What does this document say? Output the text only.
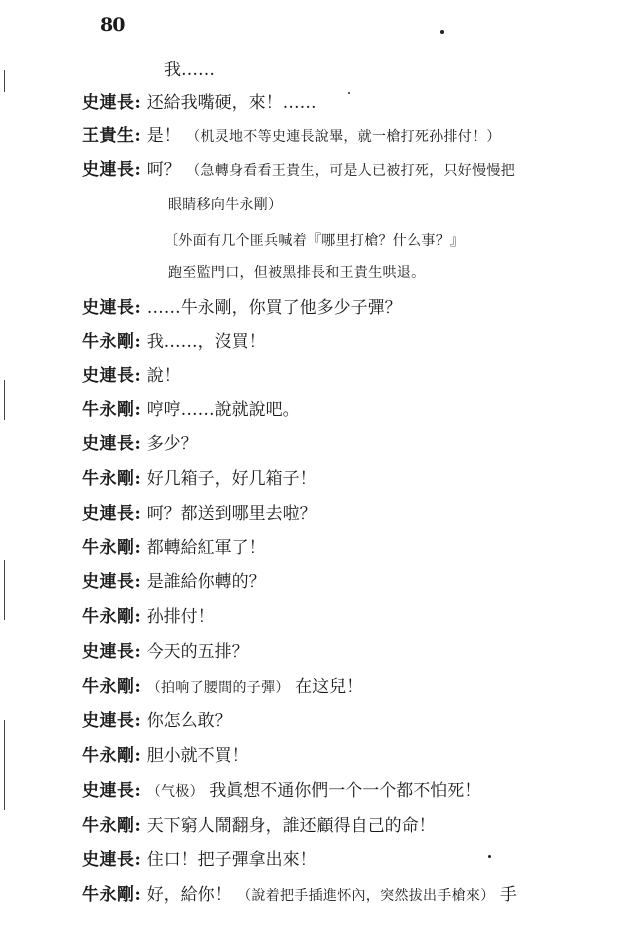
80
我……
史連長: 还給我嘴硬，來！……
王貴生: 是！ （机灵地不等史連長說畢，就一槍打死孙排付！）
史連長: 呵？ （急轉身看看王貴生，可是人已被打死，只好慢慢把
眼睛移向牛永剛）
〔外面有几个匪兵喊着『哪里打槍？什么事？』
跑至監門口，但被黑排長和王貴生哄退。
史連長: ……牛永剛，你買了他多少子彈？
牛永剛: 我……，沒買！
史連長: 說！
牛永剛: 哼哼……說就說吧。
史連長: 多少？
牛永剛: 好几箱子，好几箱子！
史連長: 呵？都送到哪里去啦？
牛永剛: 都轉給紅軍了！
史連長: 是誰給你轉的？
牛永剛: 孙排付！
史連長: 今天的五排？
牛永剛: （拍响了腰間的子彈） 在这兒！
史連長: 你怎么敢？
牛永剛: 胆小就不買！
史連長: （气极） 我眞想不通你們一个一个都不怕死！
牛永剛: 天下窮人鬧翻身，誰还顧得自己的命！
史連長: 住口！把子彈拿出來！
牛永剛: 好，給你！ （說着把手插進怀內，突然拔出手槍來） 手
